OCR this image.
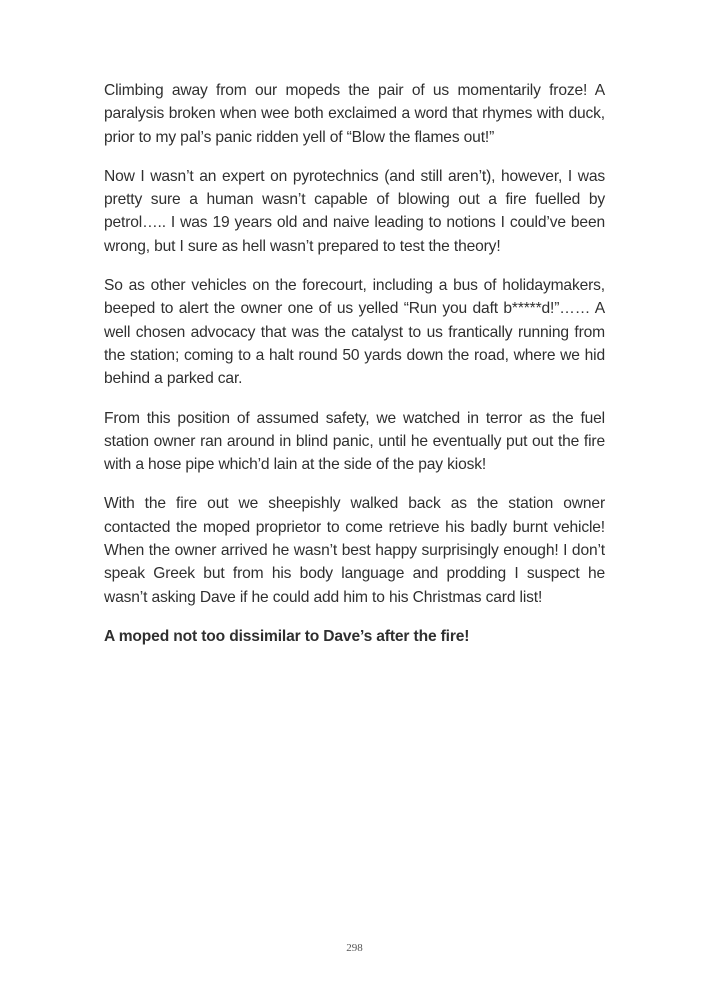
Climbing away from our mopeds the pair of us momentarily froze! A paralysis broken when wee both exclaimed a word that rhymes with duck, prior to my pal’s panic ridden yell of “Blow the flames out!”

Now I wasn’t an expert on pyrotechnics (and still aren’t), however, I was pretty sure a human wasn’t capable of blowing out a fire fuelled by petrol….. I was 19 years old and naive leading to notions I could’ve been wrong, but I sure as hell wasn’t prepared to test the theory!

So as other vehicles on the forecourt, including a bus of holidaymakers, beeped to alert the owner one of us yelled “Run you daft b*****d!”…… A well chosen advocacy that was the catalyst to us frantically running from the station; coming to a halt round 50 yards down the road, where we hid behind a parked car.

From this position of assumed safety, we watched in terror as the fuel station owner ran around in blind panic, until he eventually put out the fire with a hose pipe which’d lain at the side of the pay kiosk!

With the fire out we sheepishly walked back as the station owner contacted the moped proprietor to come retrieve his badly burnt vehicle! When the owner arrived he wasn’t best happy surprisingly enough! I don’t speak Greek but from his body language and prodding I suspect he wasn’t asking Dave if he could add him to his Christmas card list!

A moped not too dissimilar to Dave’s after the fire!

298
